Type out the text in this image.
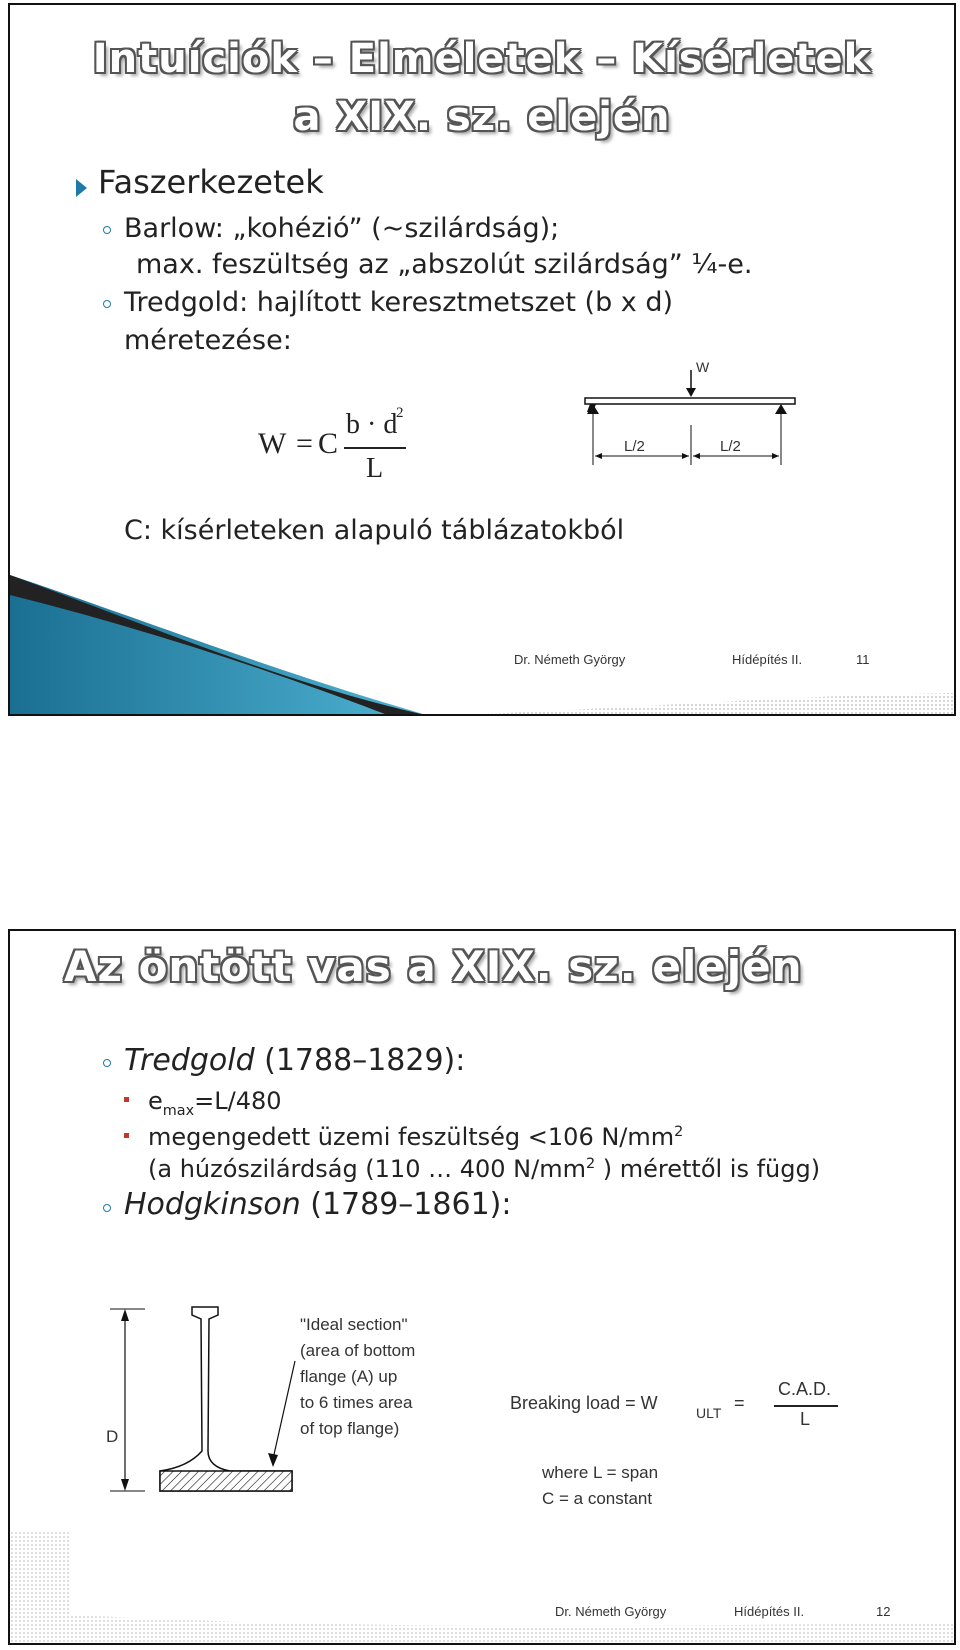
Intuíciók – Elméletek – Kísérletek
a XIX. sz. elején
Faszerkezetek
Barlow: „kohézió” (~szilárdság);
max. feszültség az „abszolút szilárdság” ¼-e.
Tredgold: hajlított keresztmetszet (b x d)
méretezése:
W = C
b · d
2
L
W
L/2	L/2
C: kísérleteken alapuló táblázatokból
Dr. Németh György	Hídépítés II.	11
Az öntött vas a XIX. sz. elején
Tredgold (1788–1829):
$e_{max}=L/480$
megengedett üzemi feszültség <106 $N/mm^2$
(a húzószilárdság (110 … 400 $N/mm^2$ ) mérettől is függ)
Hodgkinson (1789–1861):
D
"Ideal section"
(area of bottom
flange (A) up
to 6 times area
of top flange)
Breaking load = W	ULT =
C.A.D.
L
where L = span
C = a constant
Dr. Németh György	Hídépítés II.	12
